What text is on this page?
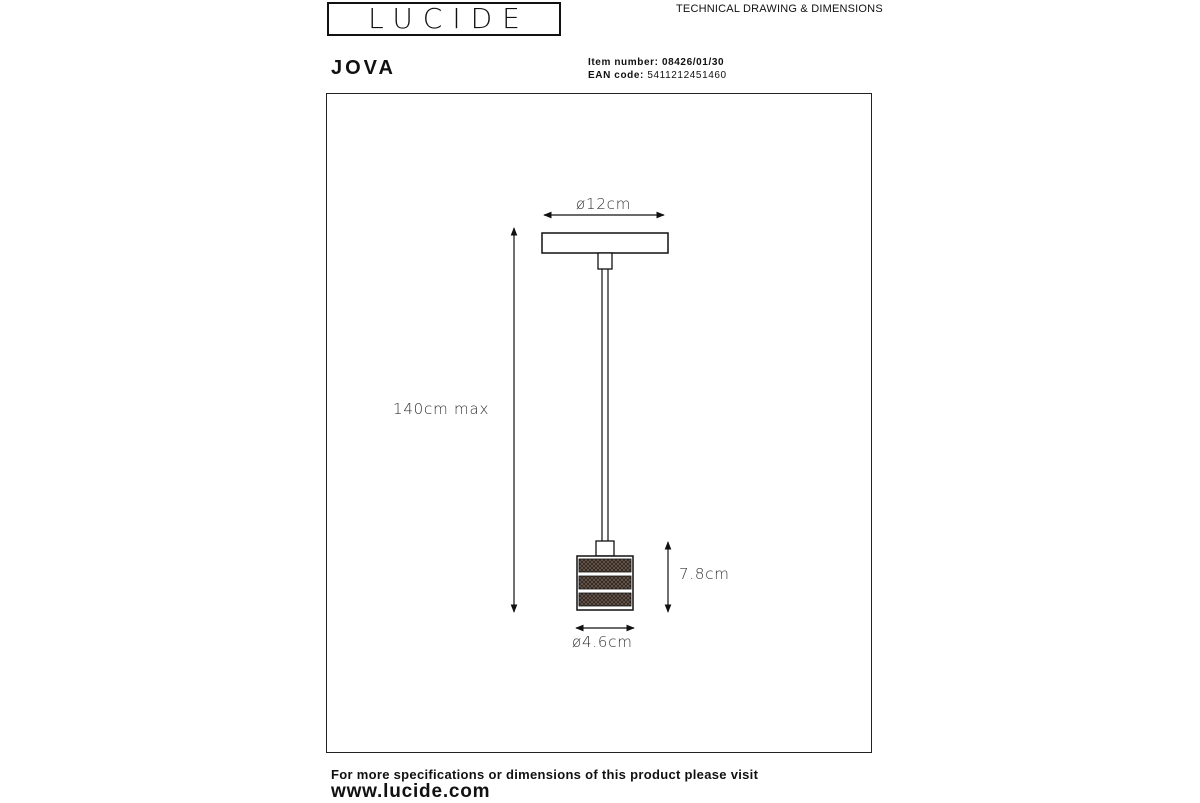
LUCIDE	TECHNICAL DRAWING & DIMENSIONS
JOVA	Item number: 08426/01/30
EAN code: 5411212451460
ø12cm
140cm max
7.8cm
ø4.6cm
For more specifications or dimensions of this product please visit
www.lucide.com
